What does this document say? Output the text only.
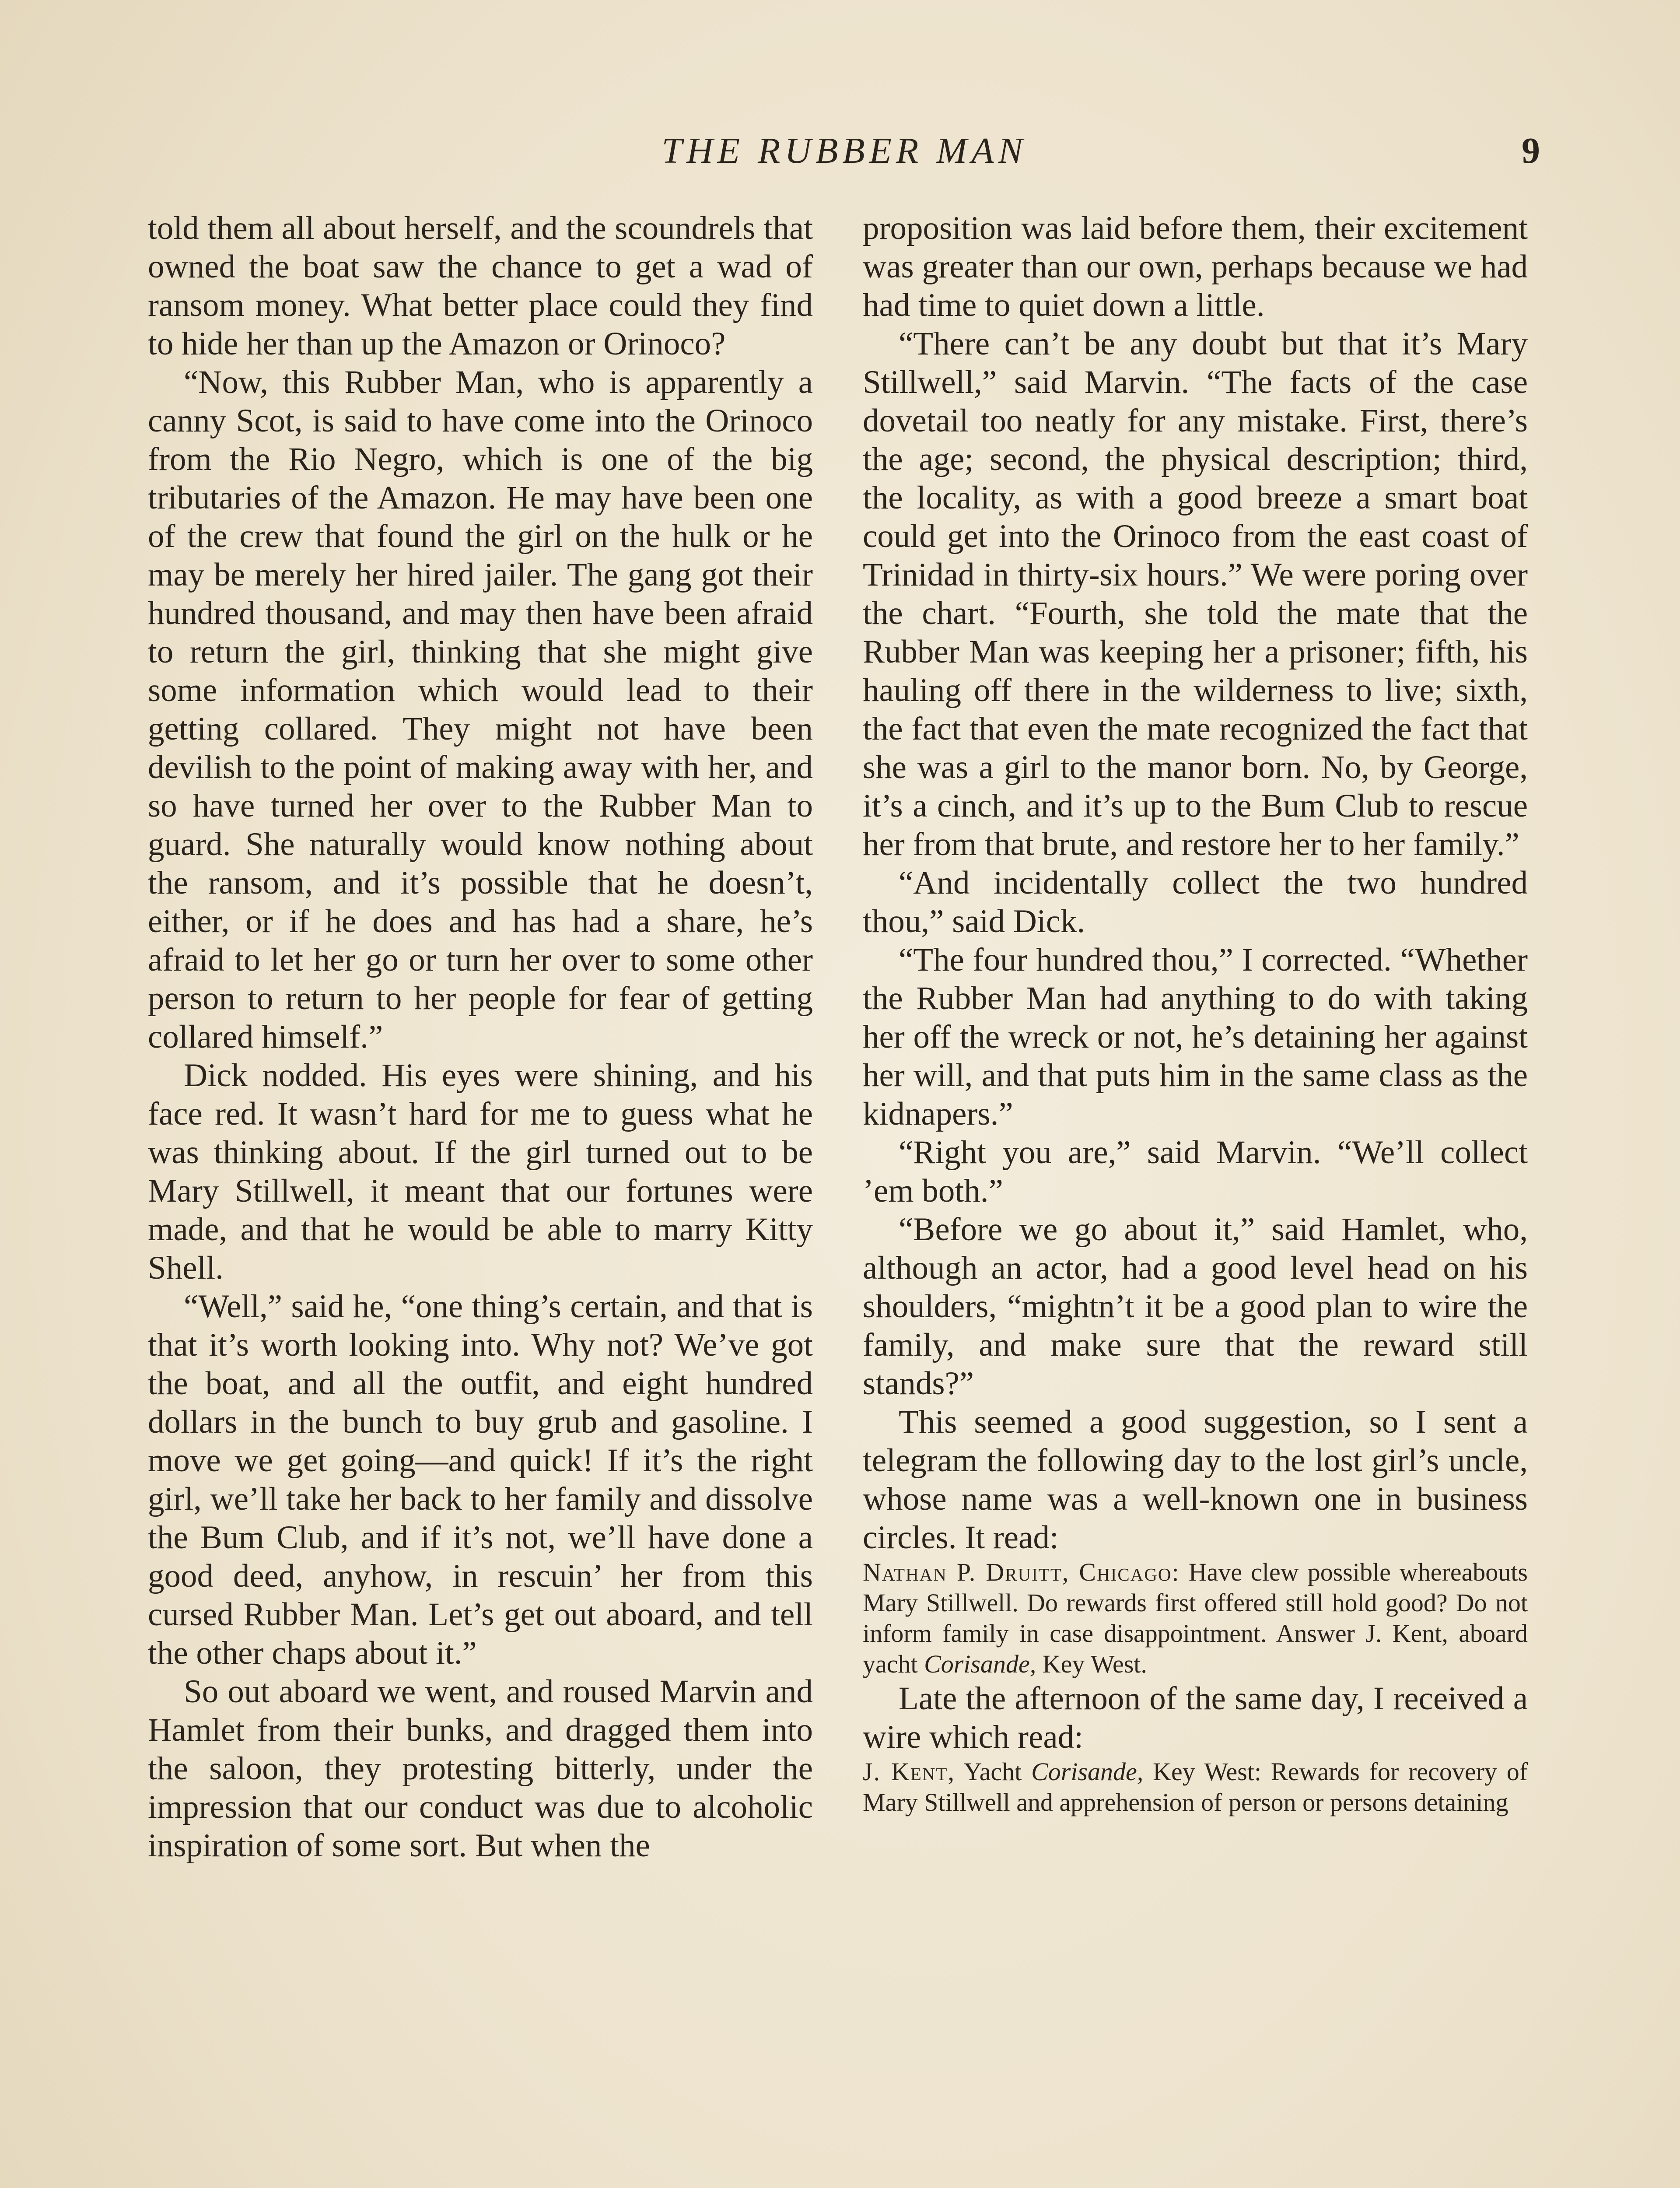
THE RUBBER MAN	9

told them all about herself, and the scoundrels that owned the boat saw the chance to get a wad of ransom money. What better place could they find to hide her than up the Amazon or Orinoco?

“Now, this Rubber Man, who is apparently a canny Scot, is said to have come into the Orinoco from the Rio Negro, which is one of the big tributaries of the Amazon. He may have been one of the crew that found the girl on the hulk or he may be merely her hired jailer. The gang got their hundred thousand, and may then have been afraid to return the girl, thinking that she might give some information which would lead to their getting collared. They might not have been devilish to the point of making away with her, and so have turned her over to the Rubber Man to guard. She naturally would know nothing about the ransom, and it’s possible that he doesn’t, either, or if he does and has had a share, he’s afraid to let her go or turn her over to some other person to return to her people for fear of getting collared himself.”

Dick nodded. His eyes were shining, and his face red. It wasn’t hard for me to guess what he was thinking about. If the girl turned out to be Mary Stillwell, it meant that our fortunes were made, and that he would be able to marry Kitty Shell.

“Well,” said he, “one thing’s certain, and that is that it’s worth looking into. Why not? We’ve got the boat, and all the outfit, and eight hundred dollars in the bunch to buy grub and gasoline. I move we get going—and quick! If it’s the right girl, we’ll take her back to her family and dissolve the Bum Club, and if it’s not, we’ll have done a good deed, anyhow, in rescuin’ her from this cursed Rubber Man. Let’s get out aboard, and tell the other chaps about it.”

So out aboard we went, and roused Marvin and Hamlet from their bunks, and dragged them into the saloon, they protesting bitterly, under the impression that our conduct was due to alcoholic inspiration of some sort. But when the

proposition was laid before them, their excitement was greater than our own, perhaps because we had had time to quiet down a little.

“There can’t be any doubt but that it’s Mary Stillwell,” said Marvin. “The facts of the case dovetail too neatly for any mistake. First, there’s the age; second, the physical description; third, the locality, as with a good breeze a smart boat could get into the Orinoco from the east coast of Trinidad in thirty-six hours.” We were poring over the chart. “Fourth, she told the mate that the Rubber Man was keeping her a prisoner; fifth, his hauling off there in the wilderness to live; sixth, the fact that even the mate recognized the fact that she was a girl to the manor born. No, by George, it’s a cinch, and it’s up to the Bum Club to rescue her from that brute, and restore her to her family.”

“And incidentally collect the two hundred thou,” said Dick.

“The four hundred thou,” I corrected. “Whether the Rubber Man had anything to do with taking her off the wreck or not, he’s detaining her against her will, and that puts him in the same class as the kidnapers.”

“Right you are,” said Marvin. “We’ll collect ’em both.”

“Before we go about it,” said Hamlet, who, although an actor, had a good level head on his shoulders, “mightn’t it be a good plan to wire the family, and make sure that the reward still stands?”

This seemed a good suggestion, so I sent a telegram the following day to the lost girl’s uncle, whose name was a well-known one in business circles. It read:

Nathan P. Druitt, Chicago: Have clew possible whereabouts Mary Stillwell. Do rewards first offered still hold good? Do not inform family in case disappointment. Answer J. Kent, aboard yacht Corisande, Key West.

Late the afternoon of the same day, I received a wire which read:

J. Kent, Yacht Corisande, Key West: Rewards for recovery of Mary Stillwell and apprehension of person or persons detaining
